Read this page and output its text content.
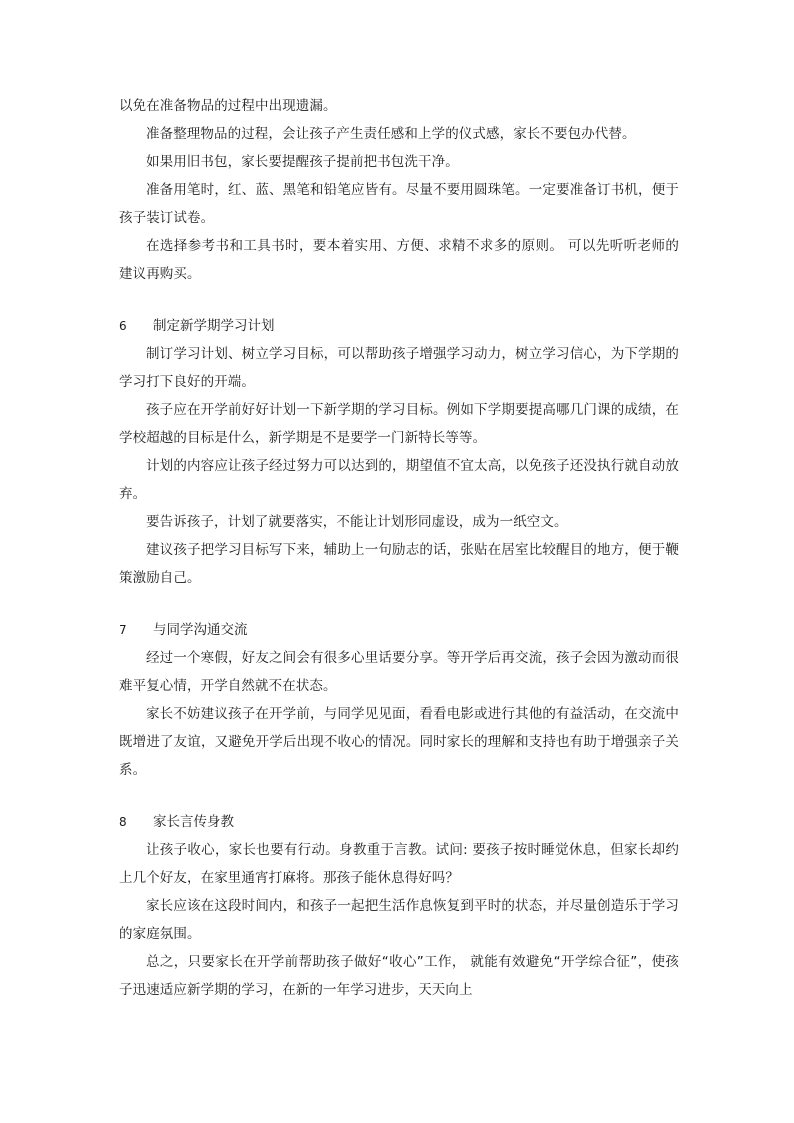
以免在准备物品的过程中出现遗漏。

准备整理物品的过程，会让孩子产生责任感和上学的仪式感，家长不要包办代替。

如果用旧书包，家长要提醒孩子提前把书包洗干净。

准备用笔时，红、蓝、黑笔和铅笔应皆有。尽量不要用圆珠笔。一定要准备订书机，便于孩子装订试卷。

在选择参考书和工具书时，要本着实用、方便、求精不求多的原则。 可以先听听老师的建议再购买。

6	制定新学期学习计划

制订学习计划、树立学习目标，可以帮助孩子增强学习动力，树立学习信心，为下学期的学习打下良好的开端。

孩子应在开学前好好计划一下新学期的学习目标。例如下学期要提高哪几门课的成绩，在学校超越的目标是什么，新学期是不是要学一门新特长等等。

计划的内容应让孩子经过努力可以达到的，期望值不宜太高，以免孩子还没执行就自动放弃。

要告诉孩子，计划了就要落实，不能让计划形同虚设，成为一纸空文。

建议孩子把学习目标写下来，辅助上一句励志的话，张贴在居室比较醒目的地方，便于鞭策激励自己。

7	与同学沟通交流

经过一个寒假，好友之间会有很多心里话要分享。等开学后再交流，孩子会因为激动而很难平复心情，开学自然就不在状态。

家长不妨建议孩子在开学前，与同学见见面，看看电影或进行其他的有益活动，在交流中既增进了友谊，又避免开学后出现不收心的情况。同时家长的理解和支持也有助于增强亲子关系。

8	家长言传身教

让孩子收心，家长也要有行动。身教重于言教。试问: 要孩子按时睡觉休息，但家长却约上几个好友，在家里通宵打麻将。那孩子能休息得好吗？

家长应该在这段时间内，和孩子一起把生活作息恢复到平时的状态，并尽量创造乐于学习的家庭氛围。

总之，只要家长在开学前帮助孩子做好“收心”工作， 就能有效避免“开学综合征”，使孩子迅速适应新学期的学习，在新的一年学习进步，天天向上
